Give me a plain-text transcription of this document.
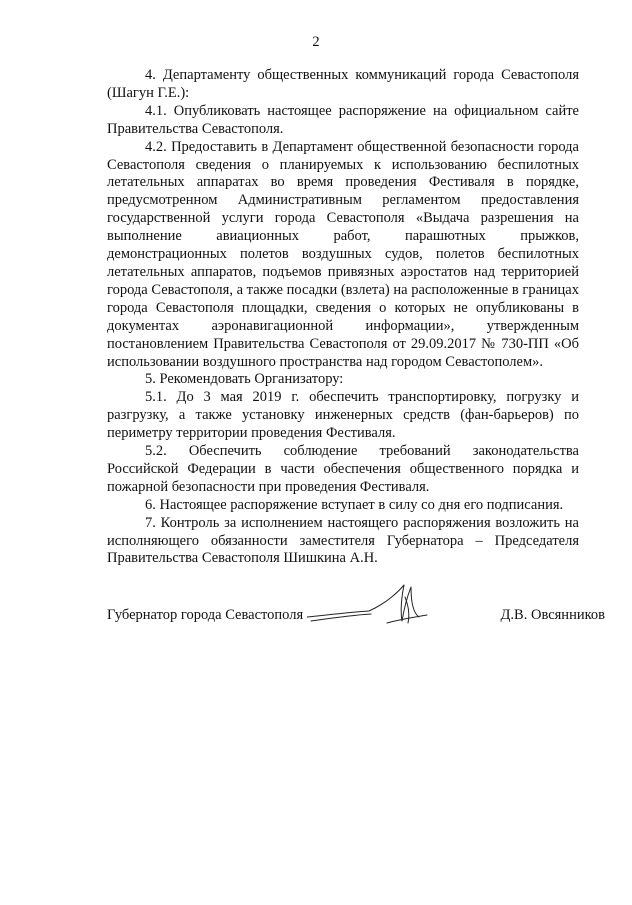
2

4. Департаменту общественных коммуникаций города Севастополя (Шагун Г.Е.):

4.1. Опубликовать настоящее распоряжение на официальном сайте Правительства Севастополя.

4.2. Предоставить в Департамент общественной безопасности города Севастополя сведения о планируемых к использованию беспилотных летательных аппаратах во время проведения Фестиваля в порядке, предусмотренном Административным регламентом предоставления государственной услуги города Севастополя «Выдача разрешения на выполнение авиационных работ, парашютных прыжков, демонстрационных полетов воздушных судов, полетов беспилотных летательных аппаратов, подъемов привязных аэростатов над территорией города Севастополя, а также посадки (взлета) на расположенные в границах города Севастополя площадки, сведения о которых не опубликованы в документах аэронавигационной информации», утвержденным постановлением Правительства Севастополя от 29.09.2017 № 730-ПП «Об использовании воздушного пространства над городом Севастополем».

5. Рекомендовать Организатору:

5.1. До 3 мая 2019 г. обеспечить транспортировку, погрузку и разгрузку, а также установку инженерных средств (фан-барьеров) по периметру территории проведения Фестиваля.

5.2. Обеспечить соблюдение требований законодательства Российской Федерации в части обеспечения общественного порядка и пожарной безопасности при проведения Фестиваля.

6. Настоящее распоряжение вступает в силу со дня его подписания.

7. Контроль за исполнением настоящего распоряжения возложить на исполняющего обязанности заместителя Губернатора – Председателя Правительства Севастополя Шишкина А.Н.

Губернатор города Севастополя	Д.В. Овсянников
